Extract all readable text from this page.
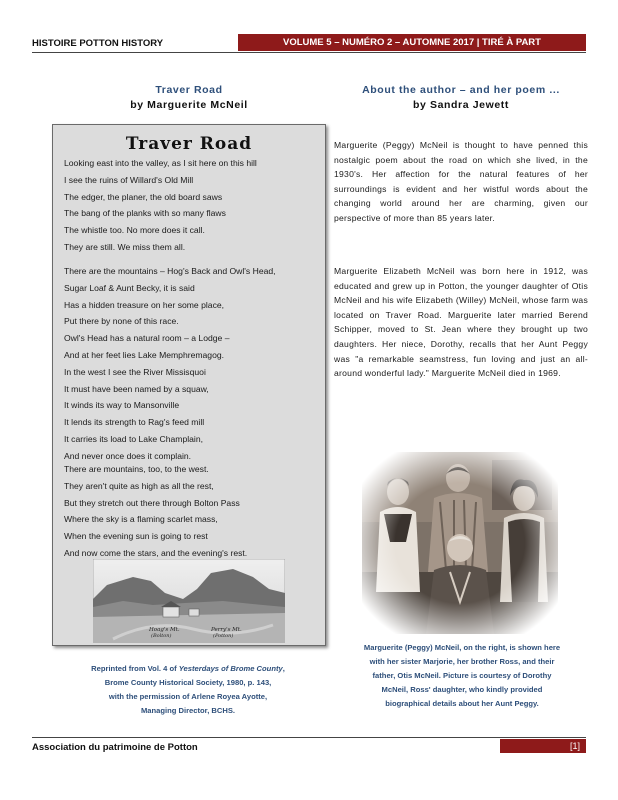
HISTOIRE POTTON HISTORY	VOLUME 5 – NUMÉRO 2 – AUTOMNE 2017 | TIRÉ À PART
Traver Road
by Marguerite McNeil
About the author – and her poem ...
by Sandra Jewett
Traver Road
Looking east into the valley, as I sit here on this hill
I see the ruins of Willard's Old Mill
The edger, the planer, the old board saws
The bang of the planks with so many flaws
The whistle too. No more does it call.
They are still. We miss them all.
There are the mountains – Hog's Back and Owl's Head,
Sugar Loaf & Aunt Becky, it is said
Has a hidden treasure on her some place,
Put there by none of this race.
Owl's Head has a natural room – a Lodge –
And at her feet lies Lake Memphremagog.
In the west I see the River Missisquoi
It must have been named by a squaw,
It winds its way to Mansonville
It lends its strength to Rag's feed mill
It carries its load to Lake Champlain,
And never once does it complain.
There are mountains, too, to the west.
They aren't quite as high as all the rest,
But they stretch out there through Bolton Pass
Where the sky is a flaming scarlet mass,
When the evening sun is going to rest
And now come the stars, and the evening's rest.
Hoag's Mt.
(Bolton)
Perry's Mt.
(Potton)
Reprinted from Vol. 4 of Yesterdays of Brome County,
Brome County Historical Society, 1980, p. 143,
with the permission of Arlene Royea Ayotte,
Managing Director, BCHS.
Marguerite (Peggy) McNeil is thought to have penned this nostalgic poem about the road on which she lived, in the 1930's. Her affection for the natural features of her surroundings is evident and her wistful words about the changing world around her are charming, given our perspective of more than 85 years later.
Marguerite Elizabeth McNeil was born here in 1912, was educated and grew up in Potton, the younger daughter of Otis McNeil and his wife Elizabeth (Willey) McNeil, whose farm was located on Traver Road. Marguerite later married Berend Schipper, moved to St. Jean where they brought up two daughters. Her niece, Dorothy, recalls that her Aunt Peggy was "a remarkable seamstress, fun loving and just an all-around wonderful lady." Marguerite McNeil died in 1969.
Marguerite (Peggy) McNeil, on the right, is shown here
with her sister Marjorie, her brother Ross, and their
father, Otis McNeil. Picture is courtesy of Dorothy
McNeil, Ross' daughter, who kindly provided
biographical details about her Aunt Peggy.
Association du patrimoine de Potton	[1]
